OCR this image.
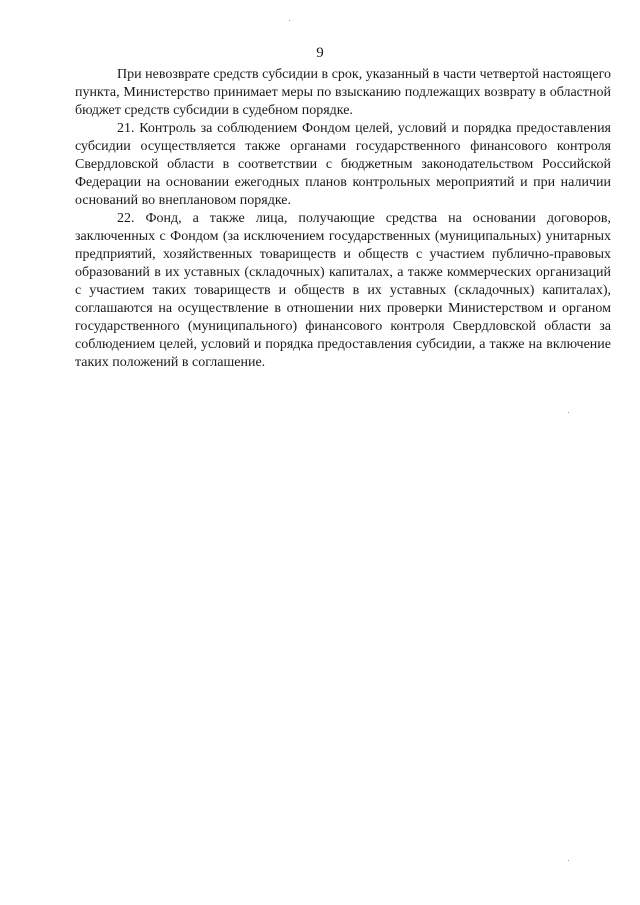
9

При невозврате средств субсидии в срок, указанный в части четвертой настоящего пункта, Министерство принимает меры по взысканию подлежащих возврату в областной бюджет средств субсидии в судебном порядке.

21. Контроль за соблюдением Фондом целей, условий и порядка предоставления субсидии осуществляется также органами государственного финансового контроля Свердловской области в соответствии с бюджетным законодательством Российской Федерации на основании ежегодных планов контрольных мероприятий и при наличии оснований во внеплановом порядке.

22. Фонд, а также лица, получающие средства на основании договоров, заключенных с Фондом (за исключением государственных (муниципальных) унитарных предприятий, хозяйственных товариществ и обществ с участием публично-правовых образований в их уставных (складочных) капиталах, а также коммерческих организаций с участием таких товариществ и обществ в их уставных (складочных) капиталах), соглашаются на осуществление в отношении них проверки Министерством и органом государственного (муниципального) финансового контроля Свердловской области за соблюдением целей, условий и порядка предоставления субсидии, а также на включение таких положений в соглашение.
